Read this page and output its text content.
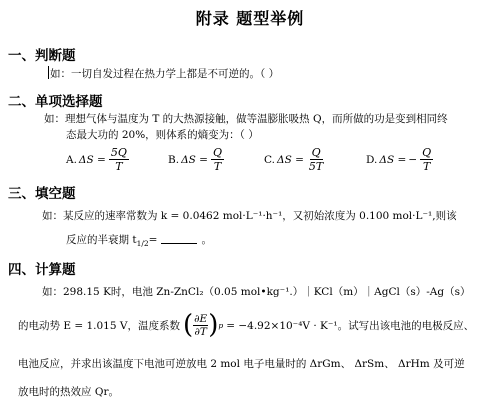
附录 题型举例
一、判断题
如：一切自发过程在热力学上都是不可逆的。（ ）
二、单项选择题
如：理想气体与温度为 T 的大热源接触，做等温膨胀吸热 Q，而所做的功是变到相同终
态最大功的 20%，则体系的熵变为：（ ）
A. $\Delta S = \frac{5Q}{T}$	B. $\Delta S = \frac{Q}{T}$	C. $\Delta S = \frac{Q}{5T}$	D. ΔS = − $\frac{Q}{T}$
三、填空题
如：某反应的速率常数为 k = 0.0462 mol·L⁻¹·h⁻¹，又初始浓度为 0.100 mol·L⁻¹,则该
反应的半衰期 $t_{1/2}=$	。
四、计算题
如：298.15 K时，电池 Zn-ZnCl₂（0.05 mol•kg⁻¹.）｜KCl（m）｜AgCl（s）-Ag（s）
的电动势 E = 1.015 V，温度系数 ( $\frac{\partial E}{\partial T}$ ) p = −4.92×10⁻⁴V · K⁻¹。试写出该电池的电极反应、
电池反应，并求出该温度下电池可逆放电 2 mol 电子电量时的 ΔrGm、 ΔrSm、 ΔrHm 及可逆
放电时的热效应 Qr。
